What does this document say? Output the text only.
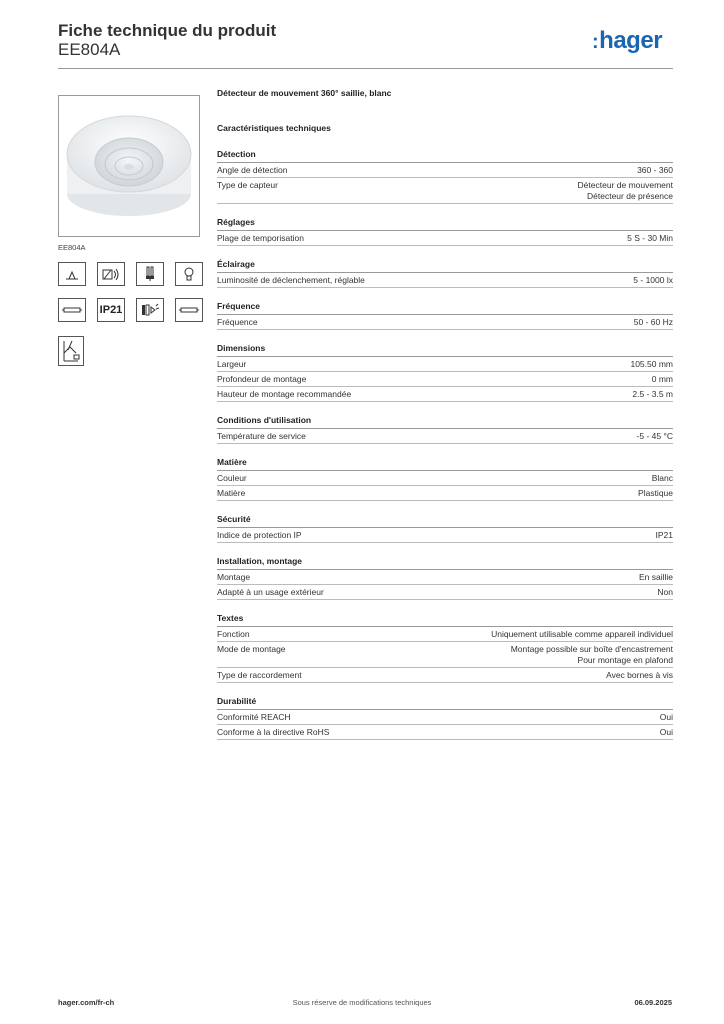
Fiche technique du produit
EE804A	:hager
EE804A
IP21
Détecteur de mouvement 360° saillie, blanc
Caractéristiques techniques
Détection
Angle de détection	360 - 360
Type de capteur	Détecteur de mouvement
Détecteur de présence
Réglages
Plage de temporisation	5 S - 30 Min
Éclairage
Luminosité de déclenchement, réglable	5 - 1000 lx
Fréquence
Fréquence	50 - 60 Hz
Dimensions
Largeur	105.50 mm
Profondeur de montage	0 mm
Hauteur de montage recommandée	2.5 - 3.5 m
Conditions d'utilisation
Température de service	-5 - 45 °C
Matière
Couleur	Blanc
Matière	Plastique
Sécurité
Indice de protection IP	IP21
Installation, montage
Montage	En saillie
Adapté à un usage extérieur	Non
Textes
Fonction	Uniquement utilisable comme appareil individuel
Mode de montage	Montage possible sur boîte d'encastrement
Pour montage en plafond
Type de raccordement	Avec bornes à vis
Durabilité
Conformité REACH	Oui
Conforme à la directive RoHS	Oui
hager.com/fr-ch	Sous réserve de modifications techniques	06.09.2025
